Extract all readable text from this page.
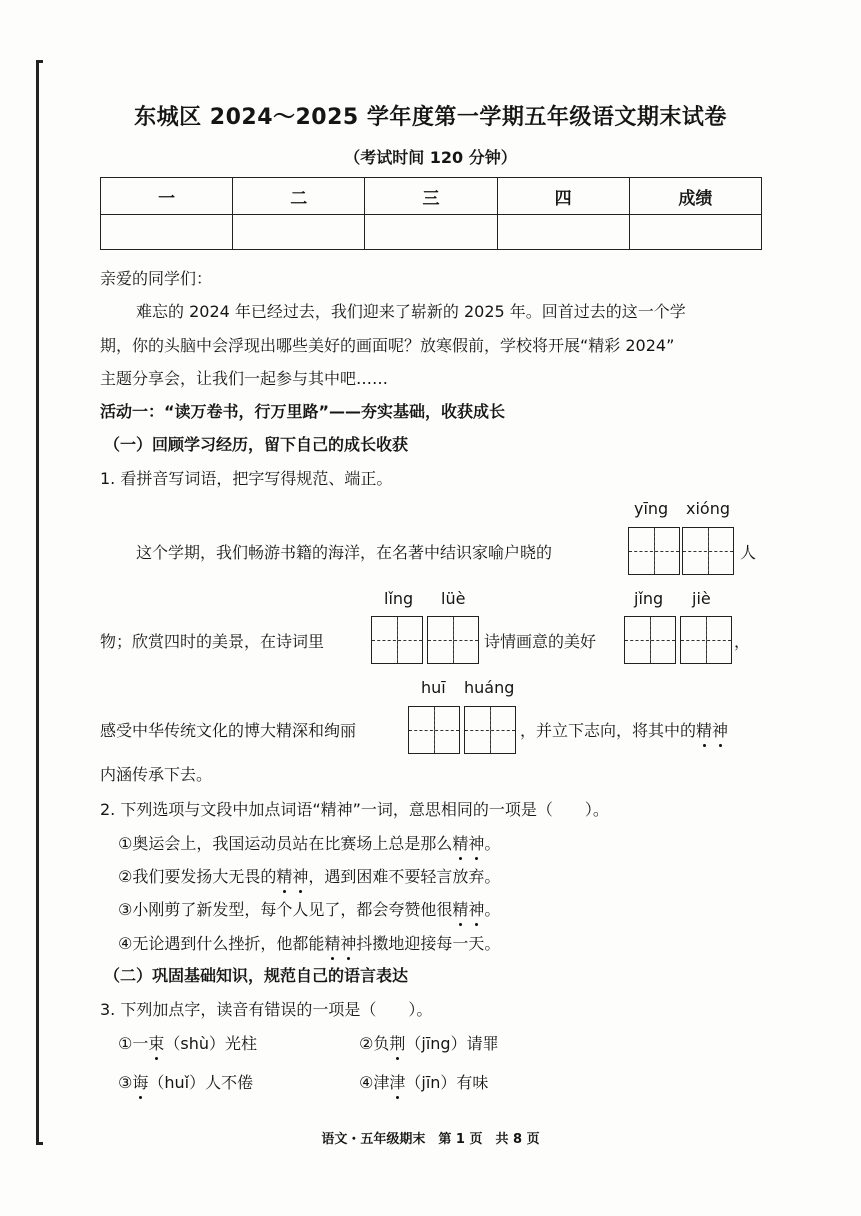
东城区 2024～2025 学年度第一学期五年级语文期末试卷
（考试时间 120 分钟）
一	二	三	四	成绩

亲爱的同学们：
难忘的 2024 年已经过去，我们迎来了崭新的 2025 年。回首过去的这一个学
期，你的头脑中会浮现出哪些美好的画面呢？放寒假前，学校将开展“精彩 2024”
主题分享会，让我们一起参与其中吧……
活动一：“读万卷书，行万里路”——夯实基础，收获成长
（一）回顾学习经历，留下自己的成长收获
1. 看拼音写词语，把字写得规范、端正。
yīng xióng
这个学期，我们畅游书籍的海洋，在名著中结识家喻户晓的	人
lǐng lüè	jǐng jiè
物；欣赏四时的美景，在诗词里	诗情画意的美好	，
huī huáng
感受中华传统文化的博大精深和绚丽	，并立下志向，将其中的精神
内涵传承下去。
2. 下列选项与文段中加点词语“精神”一词，意思相同的一项是（　　）。
①奥运会上，我国运动员站在比赛场上总是那么精神。
②我们要发扬大无畏的精神，遇到困难不要轻言放弃。
③小刚剪了新发型，每个人见了，都会夸赞他很精神。
④无论遇到什么挫折，他都能精神抖擞地迎接每一天。
（二）巩固基础知识，规范自己的语言表达
3. 下列加点字，读音有错误的一项是（　　）。
①一束（shù）光柱	②负荆（jīng）请罪
③诲（huǐ）人不倦	④津津（jīn）有味
语文・五年级期末　第 1 页　共 8 页
